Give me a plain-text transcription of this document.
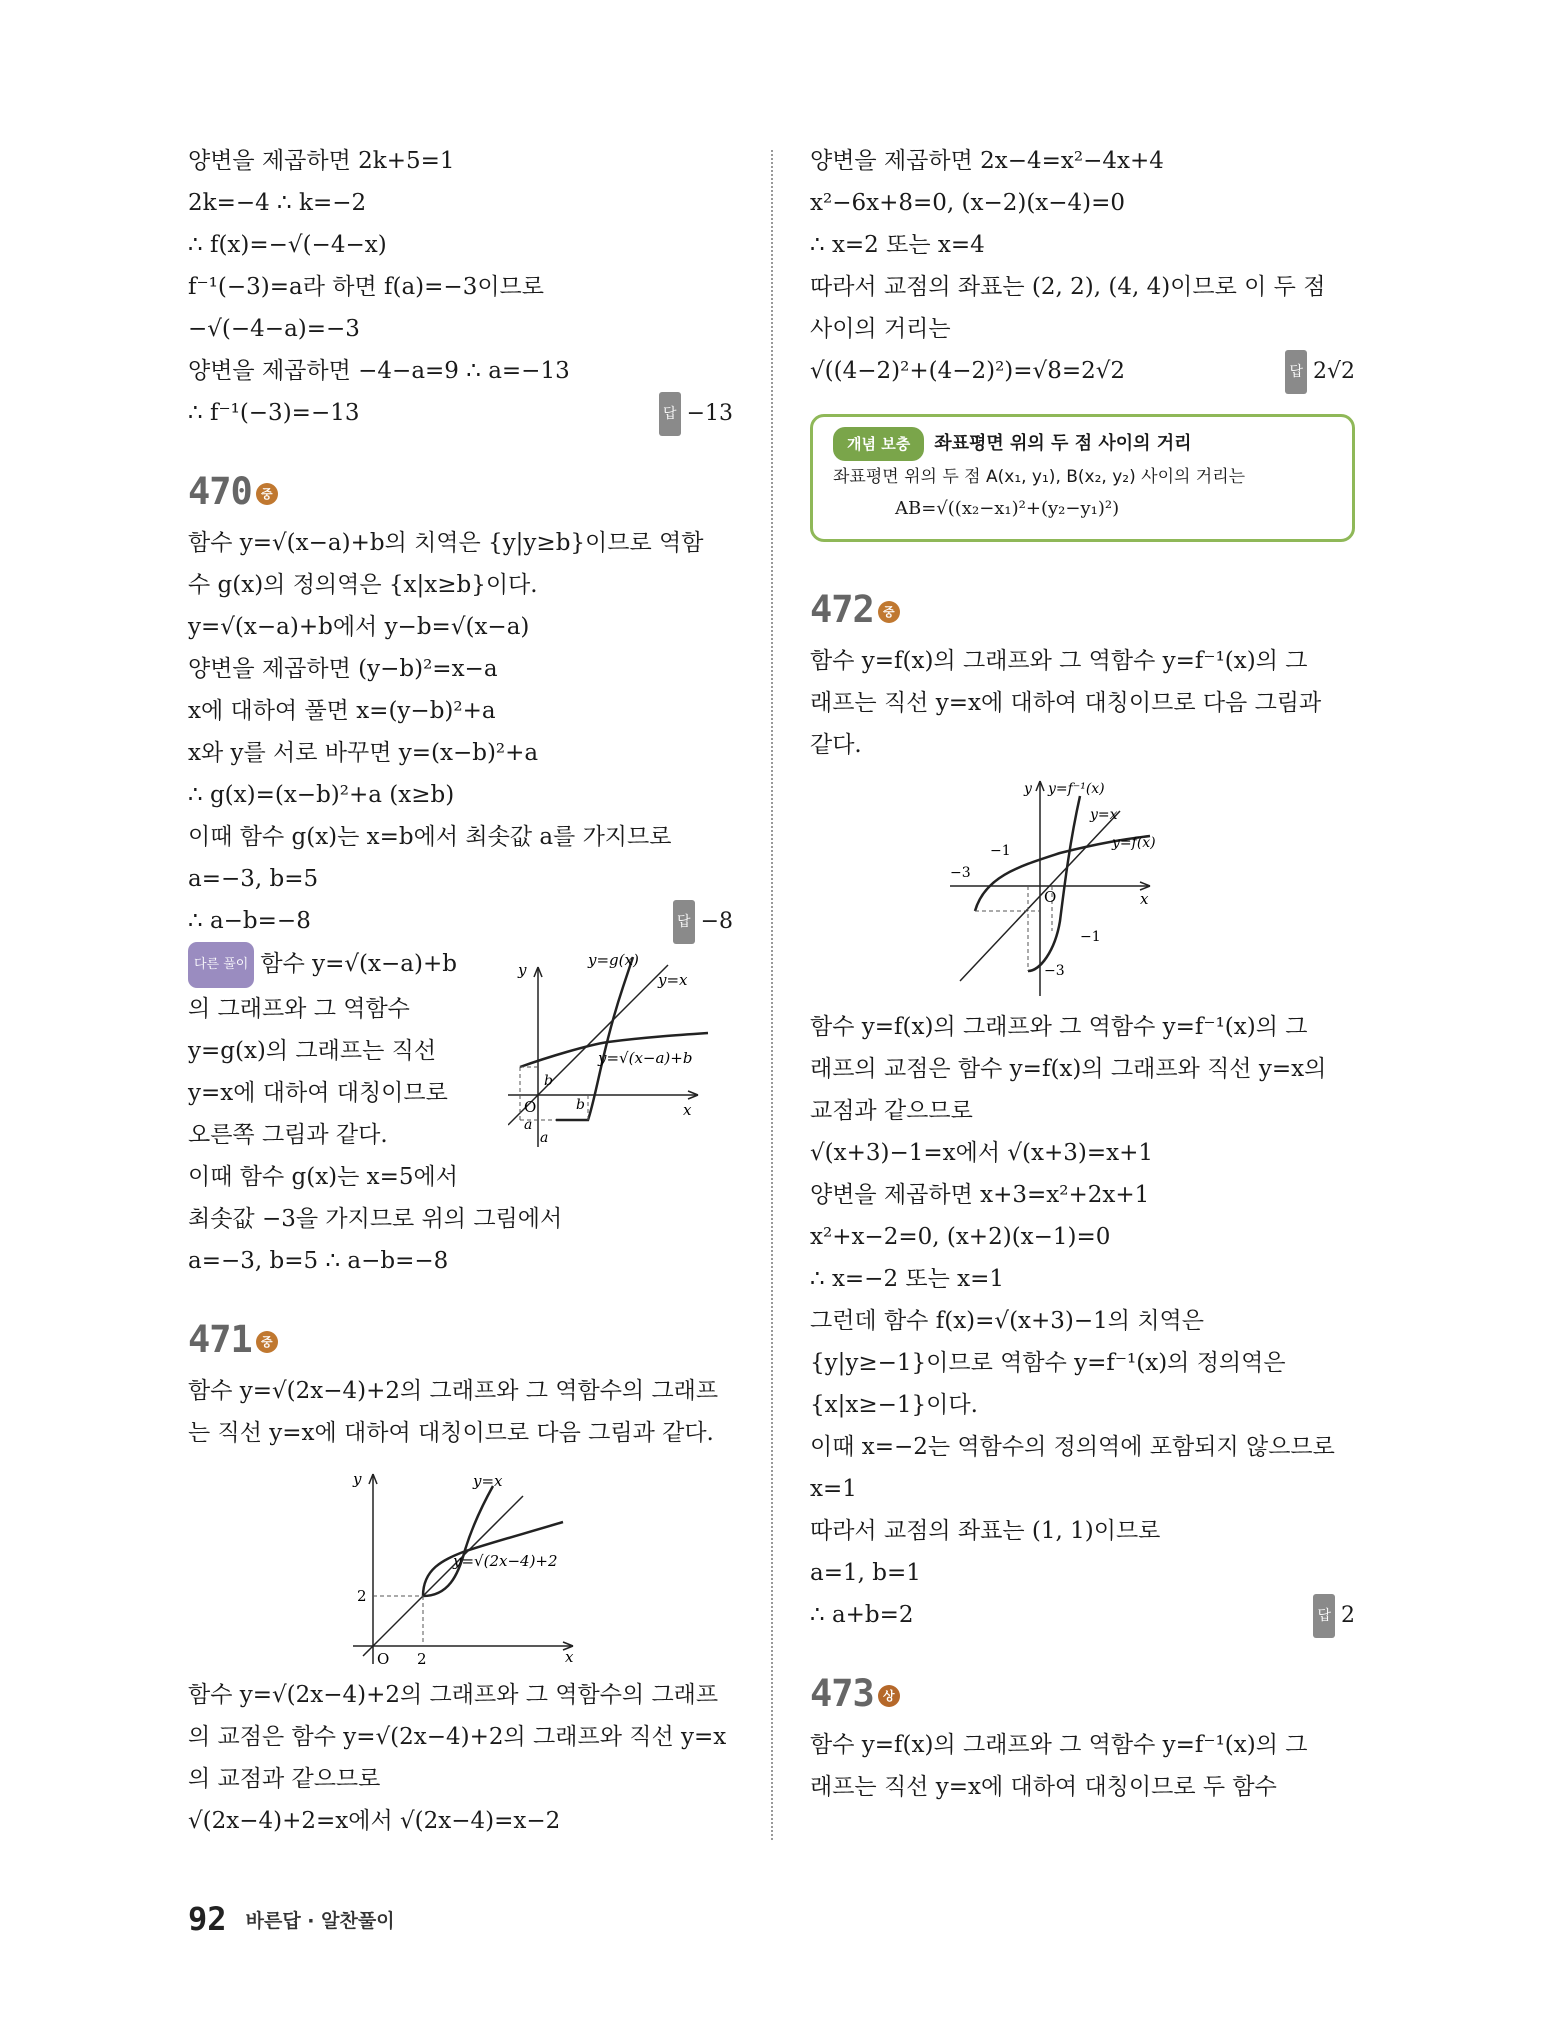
양변을 제곱하면 2k+5=1
2k=−4 ∴ k=−2
∴ f(x)=−√(−4−x)
f⁻¹(−3)=a라 하면 f(a)=−3이므로
−√(−4−a)=−3
양변을 제곱하면 −4−a=9 ∴ a=−13
∴ f⁻¹(−3)=−13	답 −13
470 중
함수 y=√(x−a)+b의 치역은 {y|y≥b}이므로 역함
수 g(x)의 정의역은 {x|x≥b}이다.
y=√(x−a)+b에서 y−b=√(x−a)
양변을 제곱하면 (y−b)²=x−a
x에 대하여 풀면 x=(y−b)²+a
x와 y를 서로 바꾸면 y=(x−b)²+a
∴ g(x)=(x−b)²+a (x≥b)
이때 함수 g(x)는 x=b에서 최솟값 a를 가지므로
a=−3, b=5
∴ a−b=−8	답 −8
다른 풀이 함수 y=√(x−a)+b
의 그래프와 그 역함수
y=g(x)의 그래프는 직선
y=x에 대하여 대칭이므로
오른쪽 그림과 같다.
이때 함수 g(x)는 x=5에서
최솟값 −3을 가지므로 위의 그림에서
a=−3, b=5 ∴ a−b=−8
y
x
O
y=g(x)
y=x
y=√(x−a)+b
b
b
a
a
471 중
함수 y=√(2x−4)+2의 그래프와 그 역함수의 그래프
는 직선 y=x에 대하여 대칭이므로 다음 그림과 같다.
y
x
O 2
2
y=x
y=√(2x−4)+2
함수 y=√(2x−4)+2의 그래프와 그 역함수의 그래프
의 교점은 함수 y=√(2x−4)+2의 그래프와 직선 y=x
의 교점과 같으므로
√(2x−4)+2=x에서 √(2x−4)=x−2
양변을 제곱하면 2x−4=x²−4x+4
x²−6x+8=0, (x−2)(x−4)=0
∴ x=2 또는 x=4
따라서 교점의 좌표는 (2, 2), (4, 4)이므로 이 두 점
사이의 거리는
√((4−2)²+(4−2)²)=√8=2√2	답 2√2
개념 보충 좌표평면 위의 두 점 사이의 거리
좌표평면 위의 두 점 A(x₁, y₁), B(x₂, y₂) 사이의 거리는
AB=√((x₂−x₁)²+(y₂−y₁)²)
472 중
함수 y=f(x)의 그래프와 그 역함수 y=f⁻¹(x)의 그
래프는 직선 y=x에 대하여 대칭이므로 다음 그림과
같다.
y
x
O
y=f⁻¹(x)
y=x
y=f(x)
−1
−3
−1
−3
함수 y=f(x)의 그래프와 그 역함수 y=f⁻¹(x)의 그
래프의 교점은 함수 y=f(x)의 그래프와 직선 y=x의
교점과 같으므로
√(x+3)−1=x에서 √(x+3)=x+1
양변을 제곱하면 x+3=x²+2x+1
x²+x−2=0, (x+2)(x−1)=0
∴ x=−2 또는 x=1
그런데 함수 f(x)=√(x+3)−1의 치역은
{y|y≥−1}이므로 역함수 y=f⁻¹(x)의 정의역은
{x|x≥−1}이다.
이때 x=−2는 역함수의 정의역에 포함되지 않으므로
x=1
따라서 교점의 좌표는 (1, 1)이므로
a=1, b=1
∴ a+b=2	답 2
473 상
함수 y=f(x)의 그래프와 그 역함수 y=f⁻¹(x)의 그
래프는 직선 y=x에 대하여 대칭이므로 두 함수
92 바른답 · 알찬풀이
